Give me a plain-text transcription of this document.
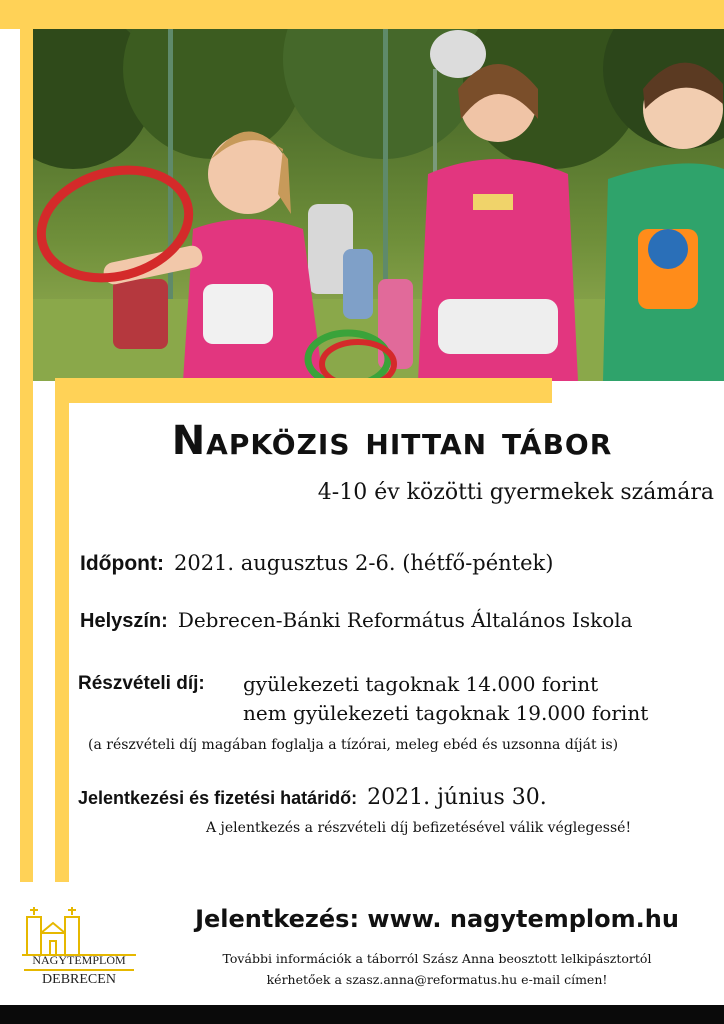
Napközis hittan tábor
4-10 év közötti gyermekek számára
Időpont: 2021. augusztus 2-6. (hétfő-péntek)
Helyszín: Debrecen-Bánki Református Általános Iskola
Részvételi díj:	gyülekezeti tagoknak 14.000 forint
nem gyülekezeti tagoknak 19.000 forint
(a részvételi díj magában foglalja a tízórai, meleg ebéd és uzsonna díját is)
Jelentkezési és fizetési határidő: 2021. június 30.
A jelentkezés a részvételi díj befizetésével válik véglegessé!
NAGYTEMPLOM
DEBRECEN
Jelentkezés: www. nagytemplom.hu
További információk a táborról Szász Anna beosztott lelkipásztortól
kérhetőek a szasz.anna@reformatus.hu e-mail címen!
